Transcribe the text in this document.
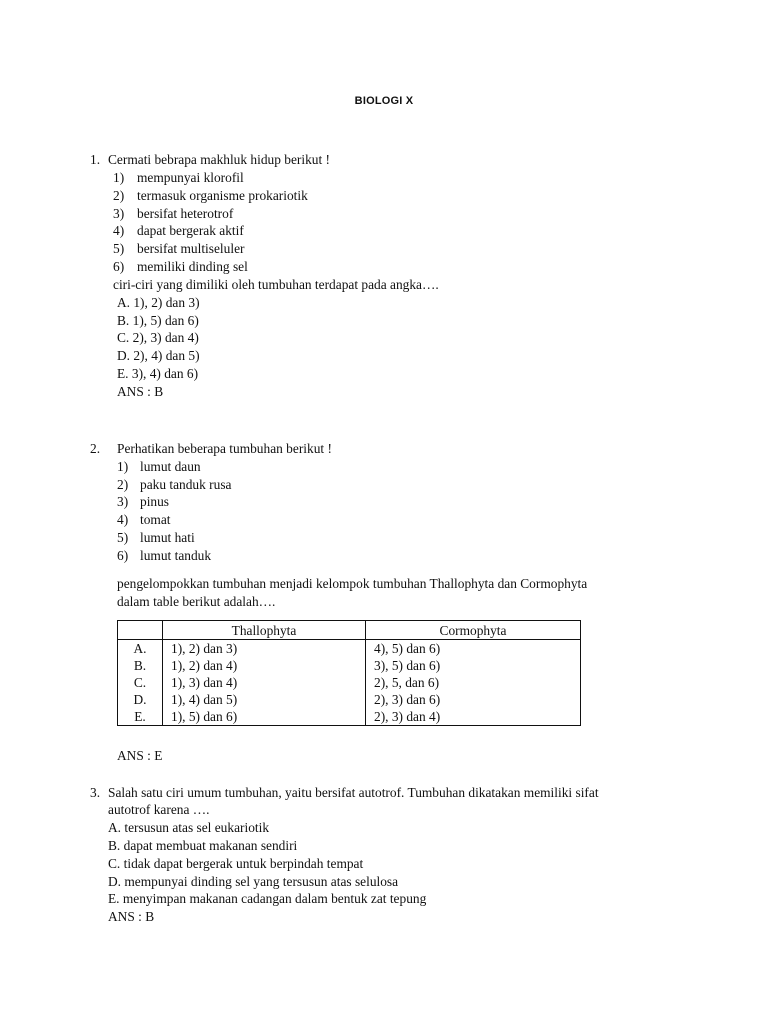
BIOLOGI X
1. Cermati bebrapa makhluk hidup berikut !
1) mempunyai klorofil
2) termasuk organisme prokariotik
3) bersifat heterotrof
4) dapat bergerak aktif
5) bersifat multiseluler
6) memiliki dinding sel
ciri-ciri yang dimiliki oleh tumbuhan terdapat pada angka….
A. 1), 2) dan 3)
B. 1), 5) dan 6)
C. 2), 3) dan 4)
D. 2), 4) dan 5)
E. 3), 4) dan 6)
ANS : B
2. Perhatikan beberapa tumbuhan berikut !
1) lumut daun
2) paku tanduk rusa
3) pinus
4) tomat
5) lumut hati
6) lumut tanduk
pengelompokkan tumbuhan menjadi kelompok tumbuhan Thallophyta dan Cormophyta
dalam table berikut adalah….
	Thallophyta	Cormophyta
A.	1), 2) dan 3)	4), 5) dan 6)
B.	1), 2) dan 4)	3), 5) dan 6)
C.	1), 3) dan 4)	2), 5, dan 6)
D.	1), 4) dan 5)	2), 3) dan 6)
E.	1), 5) dan 6)	2), 3) dan 4)
ANS : E
3. Salah satu ciri umum tumbuhan, yaitu bersifat autotrof. Tumbuhan dikatakan memiliki sifat
autotrof karena ….
A. tersusun atas sel eukariotik
B. dapat membuat makanan sendiri
C. tidak dapat bergerak untuk berpindah tempat
D. mempunyai dinding sel yang tersusun atas selulosa
E. menyimpan makanan cadangan dalam bentuk zat tepung
ANS : B
